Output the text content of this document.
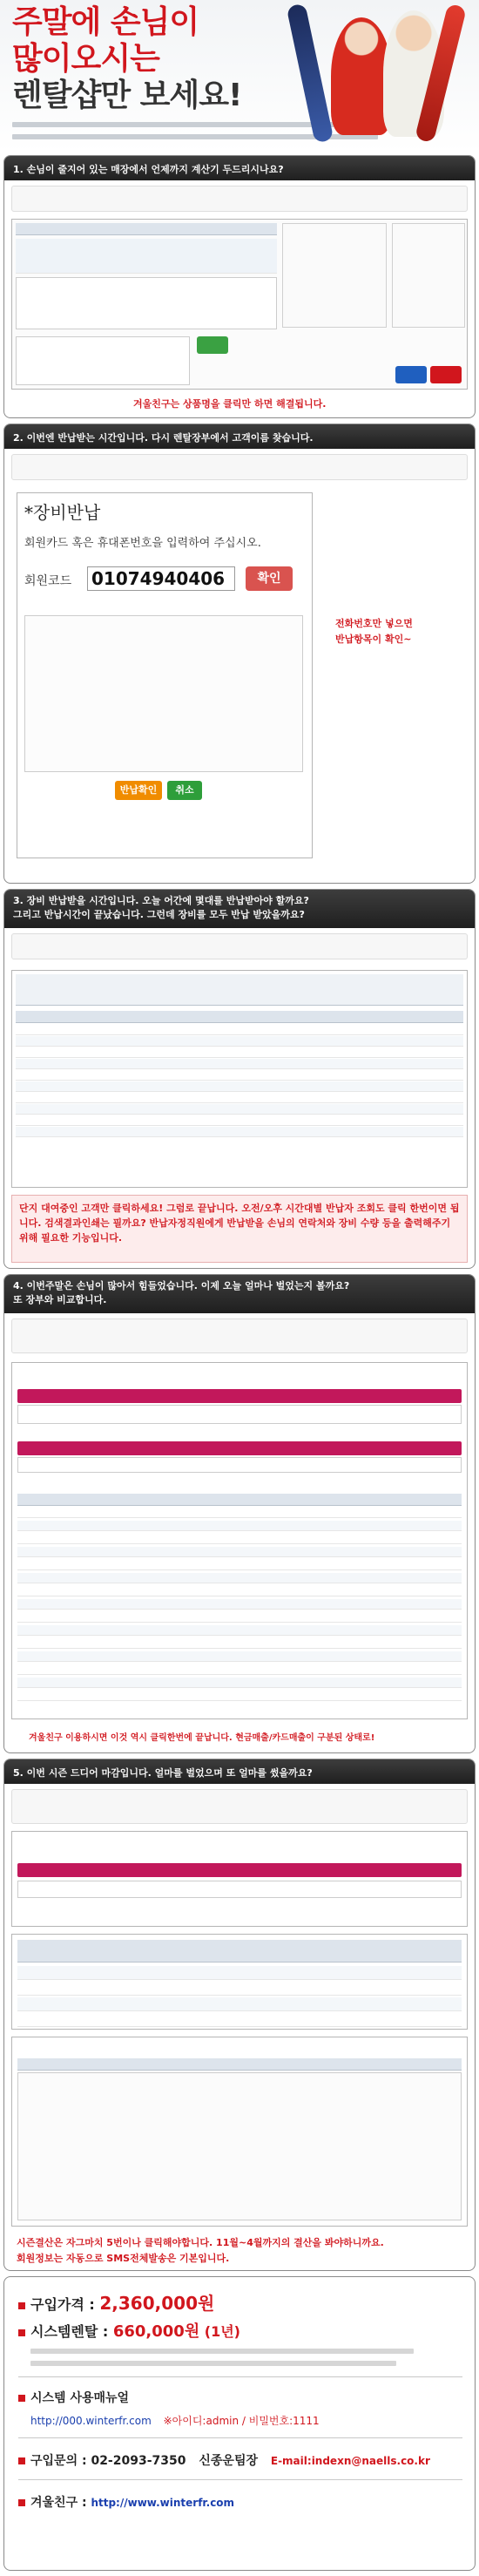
주말에 손님이
많이오시는
렌탈샵만 보세요!
1. 손님이 줄지어 있는 매장에서 언제까지 계산기 두드리시나요?
겨울친구는 상품명을 클릭만 하면 해결됩니다.
2. 이번엔 반납받는 시간입니다. 다시 렌탈장부에서 고객이름 찾습니다.
*장비반납
회원카드 혹은 휴대폰번호을 입력하여 주십시오.
회원코드 01074940406	확인
반납확인	취소
전화번호만 넣으면
반납항목이 확인~
3. 장비 반납받을 시간입니다. 오늘 어간에 몇대를 반납받아야 할까요?
그리고 반납시간이 끝났습니다. 그런데 장비를 모두 반납 받았을까요?
단지 대여중인 고객만 클릭하세요! 그럼로 끝납니다. 오전/오후 시간대별 반납자 조회도 클릭 한번이면 됩니다. 검색결과인쇄는 필까요? 반납자정직원에게 반납받을 손님의 연락처와 장비 수량 등을 출력해주기 위해 필요한 기능입니다.
4. 이번주말은 손님이 많아서 힘들었습니다. 이제 오늘 얼마나 벌었는지 볼까요?
또 장부와 비교합니다.
겨울친구 이용하시면 이것 역시 클릭한번에 끝납니다. 현금매출/카드매출이 구분된 상태로!
5. 이번 시즌 드디어 마감입니다. 얼마를 벌었으며 또 얼마를 썼을까요?
시즌결산은 자그마치 5번이나 클릭해야합니다. 11월~4월까지의 결산을 봐야하니까요.
회원정보는 자동으로 SMS전체발송은 기본입니다.
구입가격 : 2,360,000원
시스템렌탈 : 660,000원 (1년)
시스템 사용매뉴얼
http://000.winterfr.com ※아이디:admin / 비밀번호:1111
구입문의 : 02-2093-7350 신종운팀장 E-mail:indexn@naells.co.kr
겨울친구 : http://www.winterfr.com
